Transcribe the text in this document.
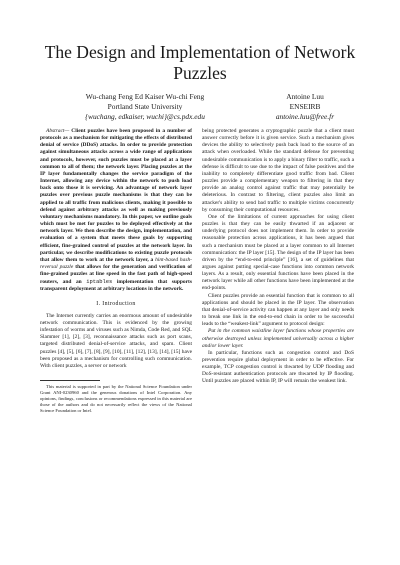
The Design and Implementation of Network Puzzles
Wu-chang Feng Ed Kaiser Wu-chi Feng	Antoine Luu
Portland State University	ENSEIRB
{wuchang, edkaiser, wuchi}@cs.pdx.edu	antoine.luu@free.fr

Abstract— Client puzzles have been proposed in a number of protocols as a mechanism for mitigating the effects of distributed denial of service (DDoS) attacks. In order to provide protection against simultaneous attacks across a wide range of applications and protocols, however, such puzzles must be placed at a layer common to all of them; the network layer. Placing puzzles at the IP layer fundamentally changes the service paradigm of the Internet, allowing any device within the network to push load back onto those it is servicing. An advantage of network layer puzzles over previous puzzle mechanisms is that they can be applied to all traffic from malicious clients, making it possible to defend against arbitrary attacks as well as making previously voluntary mechanisms mandatory. In this paper, we outline goals which must be met for puzzles to be deployed effectively at the network layer. We then describe the design, implementation, and evaluation of a system that meets these goals by supporting efficient, fine-grained control of puzzles at the network layer. In particular, we describe modifications to existing puzzle protocols that allow them to work at the network layer, a hint-based hash-reversal puzzle that allows for the generation and verification of fine-grained puzzles at line speed in the fast path of high-speed routers, and an iptables implementation that supports transparent deployment at arbitrary locations in the network.

I. Introduction

The Internet currently carries an enormous amount of undesirable network communication. This is evidenced by the growing infestation of worms and viruses such as Nimda, Code Red, and SQL Slammer [1], [2], [3], reconnaissance attacks such as port scans, targeted distributed denial-of-service attacks, and spam. Client puzzles [4], [5], [6], [7], [8], [9], [10], [11], [12], [13], [14], [15] have been proposed as a mechanism for controlling such communication. With client puzzles, a server or network

This material is supported in part by the National Science Foundation under Grant ANI-0230960 and the generous donations of Intel Corporation. Any opinions, findings, conclusions or recommendations expressed in this material are those of the authors and do not necessarily reflect the views of the National Science Foundation or Intel.

being protected generates a cryptographic puzzle that a client must answer correctly before it is given service. Such a mechanism gives devices the ability to selectively push back load to the source of an attack when overloaded. While the standard defense for preventing undesirable communication is to apply a binary filter to traffic, such a defense is difficult to use due to the impact of false positives and the inability to completely differentiate good traffic from bad. Client puzzles provide a complementary weapon to filtering in that they provide an analog control against traffic that may potentially be deleterious. In contrast to filtering, client puzzles also limit an attacker's ability to send bad traffic to multiple victims concurrently by consuming their computational resources.

One of the limitations of current approaches for using client puzzles is that they can be easily thwarted if an adjacent or underlying protocol does not implement them. In order to provide reasonable protection across applications, it has been argued that such a mechanism must be placed at a layer common to all Internet communication: the IP layer [15]. The design of the IP layer has been driven by the “end-to-end principle” [16], a set of guidelines that argues against putting special-case functions into common network layers. As a result, only essential functions have been placed in the network layer while all other functions have been implemented at the end-points.

Client puzzles provide an essential function that is common to all applications and should be placed in the IP layer. The observation that denial-of-service activity can happen at any layer and only needs to break one link in the end-to-end chain in order to be successful leads to the “weakest-link” argument to protocol design:

Put in the common waistline layer functions whose properties are otherwise destroyed unless implemented universally across a higher and/or lower layer.

In particular, functions such as congestion control and DoS prevention require global deployment in order to be effective. For example, TCP congestion control is thwarted by UDP flooding and DoS-resistant authentication protocols are thwarted by IP flooding. Until puzzles are placed within IP, IP will remain the weakest link.
